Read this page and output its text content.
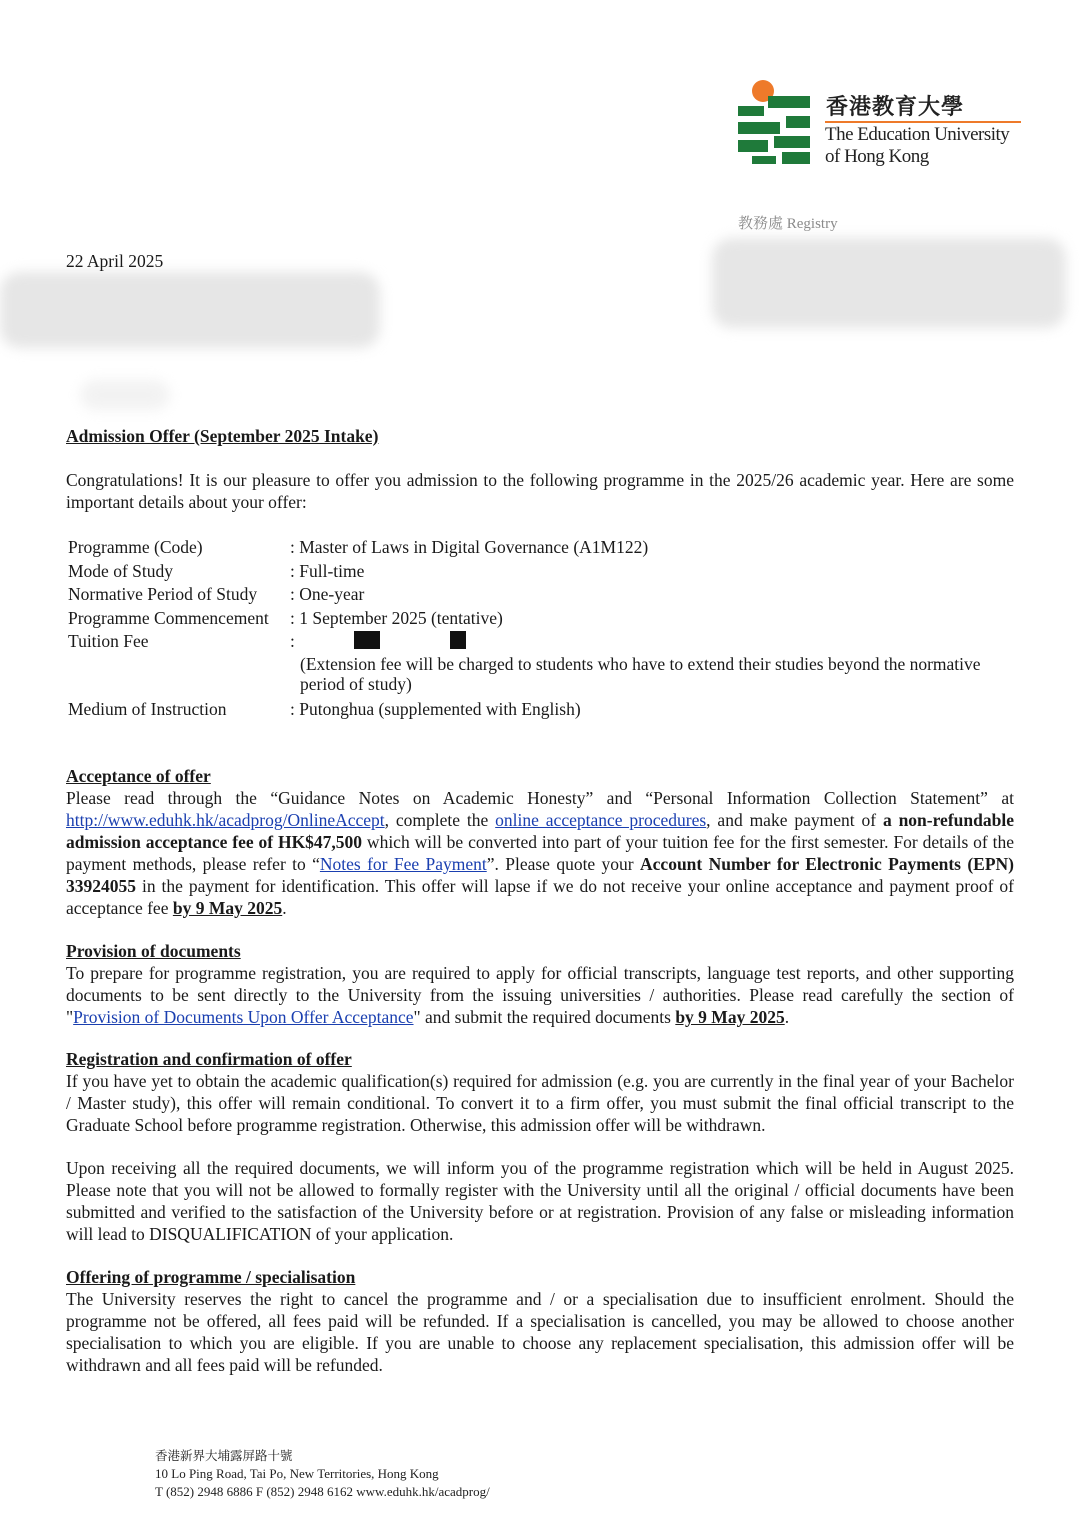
香港教育大學
The Education University
of Hong Kong
教務處 Registry
22 April 2025
Admission Offer (September 2025 Intake)
Congratulations! It is our pleasure to offer you admission to the following programme in the 2025/26 academic year. Here are some important details about your offer:
Programme (Code)	: Master of Laws in Digital Governance (A1M122)
Mode of Study	: Full-time
Normative Period of Study : One-year
Programme Commencement : 1 September 2025 (tentative)
Tuition Fee	:
(Extension fee will be charged to students who have to extend their studies beyond the normative period of study)
Medium of Instruction	: Putonghua (supplemented with English)
Acceptance of offer
Please read through the “Guidance Notes on Academic Honesty” and “Personal Information Collection Statement” at http://www.eduhk.hk/acadprog/OnlineAccept, complete the online acceptance procedures, and make payment of a non-refundable admission acceptance fee of HK$47,500 which will be converted into part of your tuition fee for the first semester. For details of the payment methods, please refer to “Notes for Fee Payment”. Please quote your Account Number for Electronic Payments (EPN) 33924055 in the payment for identification. This offer will lapse if we do not receive your online acceptance and payment proof of acceptance fee by 9 May 2025.
Provision of documents
To prepare for programme registration, you are required to apply for official transcripts, language test reports, and other supporting documents to be sent directly to the University from the issuing universities / authorities. Please read carefully the section of "Provision of Documents Upon Offer Acceptance" and submit the required documents by 9 May 2025.
Registration and confirmation of offer
If you have yet to obtain the academic qualification(s) required for admission (e.g. you are currently in the final year of your Bachelor / Master study), this offer will remain conditional. To convert it to a firm offer, you must submit the final official transcript to the Graduate School before programme registration. Otherwise, this admission offer will be withdrawn.
Upon receiving all the required documents, we will inform you of the programme registration which will be held in August 2025. Please note that you will not be allowed to formally register with the University until all the original / official documents have been submitted and verified to the satisfaction of the University before or at registration. Provision of any false or misleading information will lead to DISQUALIFICATION of your application.
Offering of programme / specialisation
The University reserves the right to cancel the programme and / or a specialisation due to insufficient enrolment. Should the programme not be offered, all fees paid will be refunded. If a specialisation is cancelled, you may be allowed to choose another specialisation to which you are eligible. If you are unable to choose any replacement specialisation, this admission offer will be withdrawn and all fees paid will be refunded.
香港新界大埔露屏路十號
10 Lo Ping Road, Tai Po, New Territories, Hong Kong
T (852) 2948 6886 F (852) 2948 6162 www.eduhk.hk/acadprog/
